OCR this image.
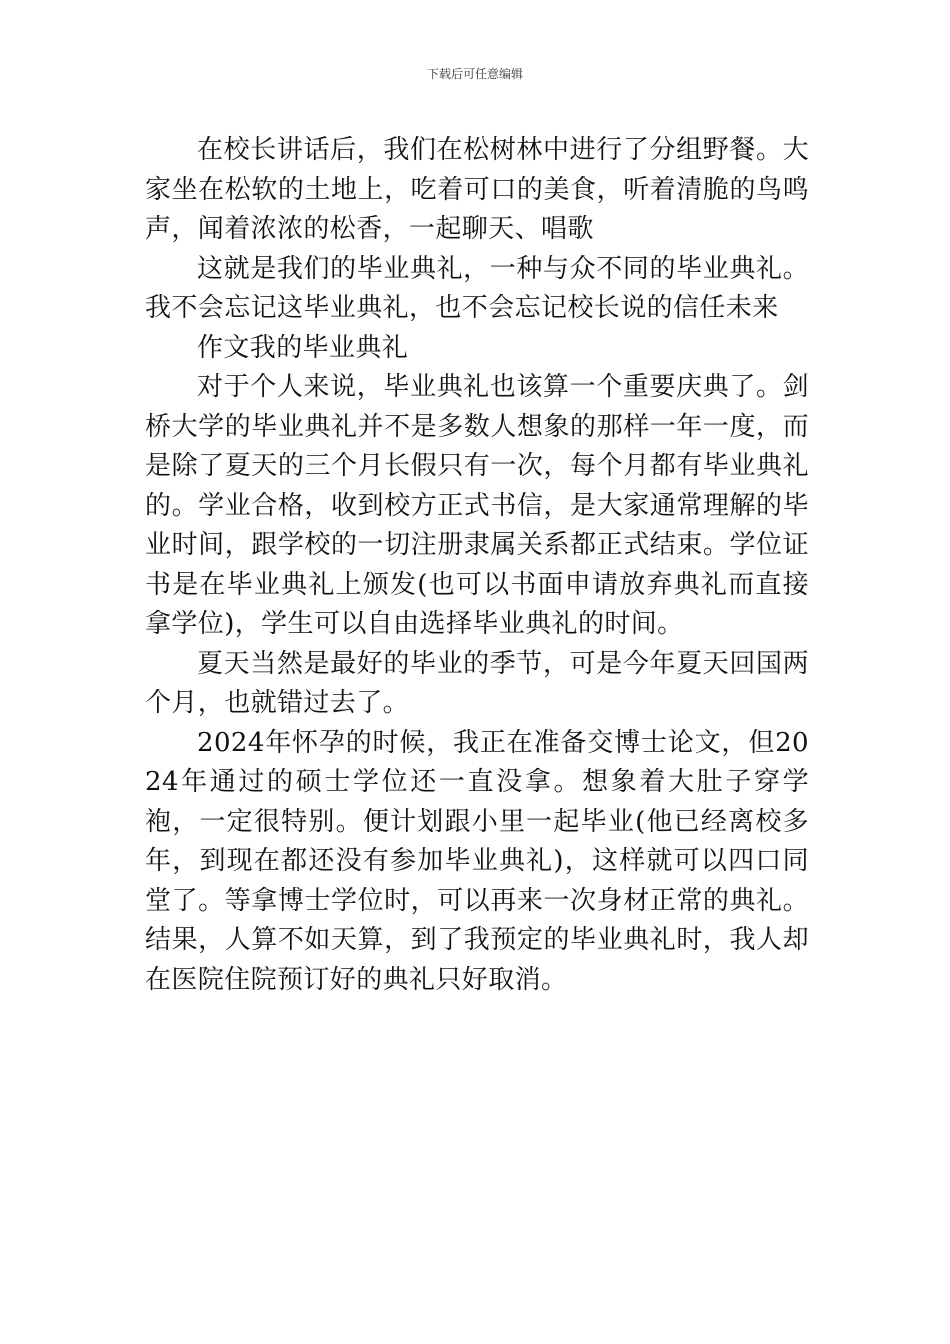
下载后可任意编辑

在校长讲话后，我们在松树林中进行了分组野餐。大家坐在松软的土地上，吃着可口的美食，听着清脆的鸟鸣声，闻着浓浓的松香，一起聊天、唱歌

这就是我们的毕业典礼，一种与众不同的毕业典礼。我不会忘记这毕业典礼，也不会忘记校长说的信任未来

作文我的毕业典礼

对于个人来说，毕业典礼也该算一个重要庆典了。剑桥大学的毕业典礼并不是多数人想象的那样一年一度，而是除了夏天的三个月长假只有一次，每个月都有毕业典礼的。学业合格，收到校方正式书信，是大家通常理解的毕业时间，跟学校的一切注册隶属关系都正式结束。学位证书是在毕业典礼上颁发(也可以书面申请放弃典礼而直接拿学位)，学生可以自由选择毕业典礼的时间。

夏天当然是最好的毕业的季节，可是今年夏天回国两个月，也就错过去了。

2024年怀孕的时候，我正在准备交博士论文，但2024年通过的硕士学位还一直没拿。想象着大肚子穿学袍，一定很特别。便计划跟小里一起毕业(他已经离校多年，到现在都还没有参加毕业典礼)，这样就可以四口同堂了。等拿博士学位时，可以再来一次身材正常的典礼。结果，人算不如天算，到了我预定的毕业典礼时，我人却在医院住院预订好的典礼只好取消。
